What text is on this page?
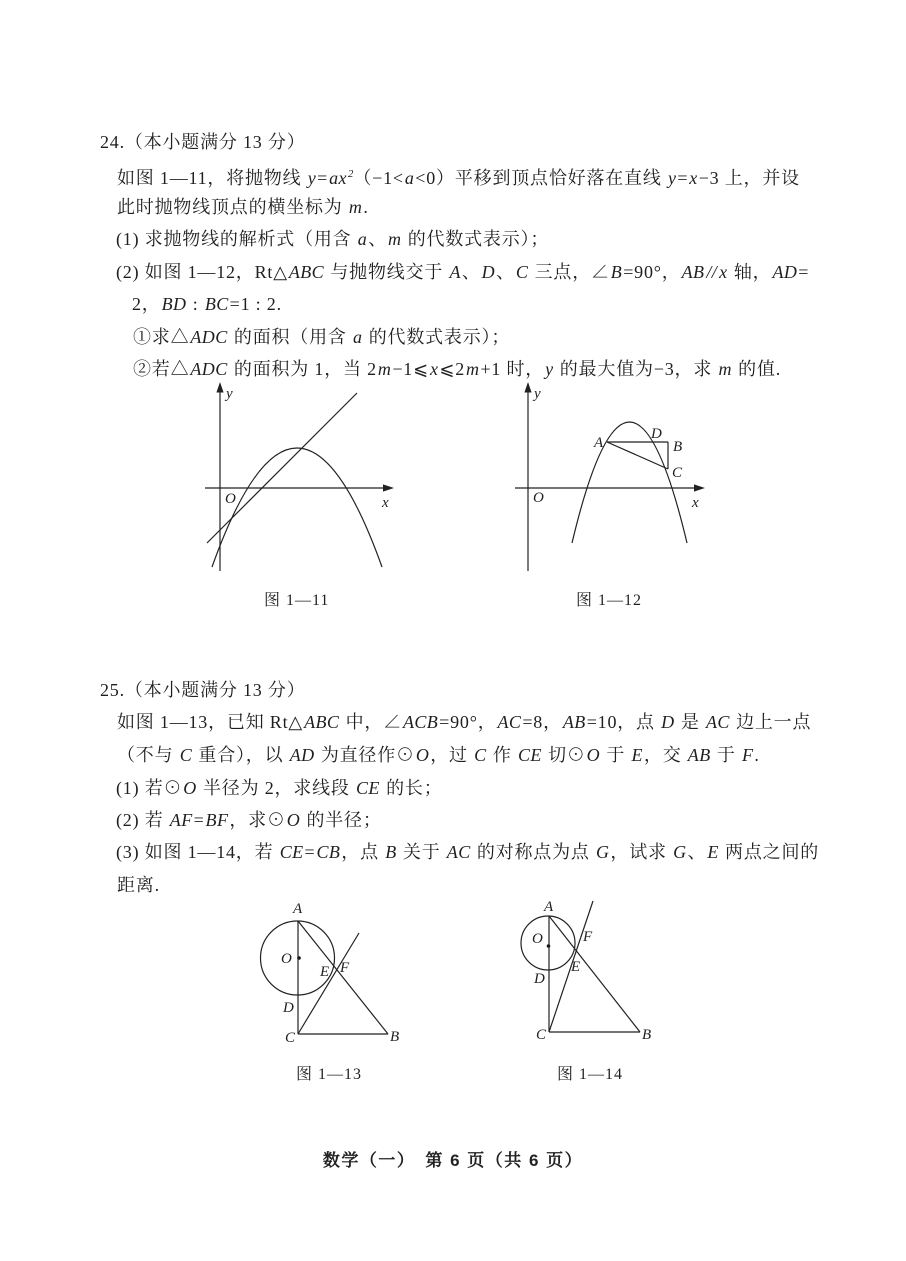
24.（本小题满分 13 分）
如图 1—11，将抛物线 $y=ax^2(-1<a<0)$平移到顶点恰好落在直线 y=x−3 上，并设
此时抛物线顶点的横坐标为 m.
(1) 求抛物线的解析式（用含 a、m 的代数式表示）；
(2) 如图 1—12，Rt△ABC 与抛物线交于 A、D、C 三点，∠B=90°，AB // x 轴，AD=
2，BD : BC=1 : 2.
①求△ADC 的面积（用含 a 的代数式表示）；
②若△ADC 的面积为 1，当 2m−1⩽x⩽2m+1 时，y 的最大值为−3，求 m 的值.
y
x
O
图 1—11
y
x
O
A
D
B
C
图 1—12
25.（本小题满分 13 分）
如图 1—13，已知 Rt△ABC 中，∠ACB=90°，AC=8，AB=10，点 D 是 AC 边上一点
（不与 C 重合），以 AD 为直径作⊙O，过 C 作 CE 切⊙O 于 E，交 AB 于 F.
(1) 若⊙O 半径为 2，求线段 CE 的长；
(2) 若 AF=BF，求⊙O 的半径；
(3) 如图 1—14，若 CE=CB，点 B 关于 AC 的对称点为点 G，试求 G、E 两点之间的
距离.
A
O
D
C	B
E F
图 1—13
A
O	F
E
D
C	B
图 1—14
数学（一）　第 6 页（共 6 页）
